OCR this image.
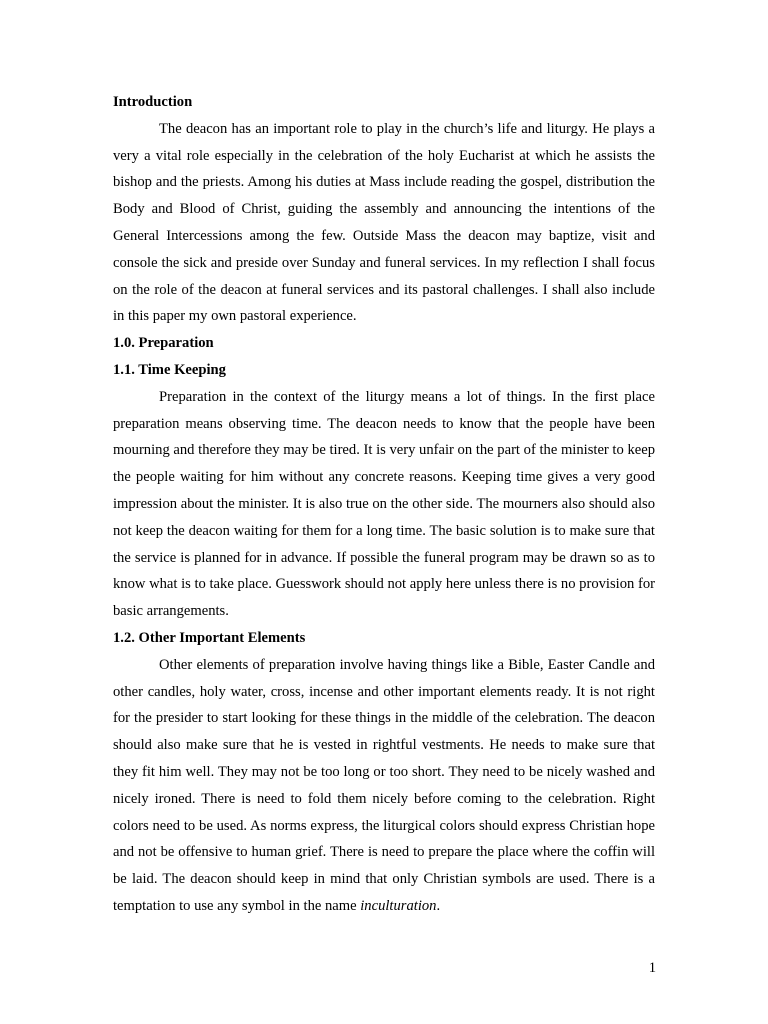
Introduction

The deacon has an important role to play in the church’s life and liturgy. He plays a very a vital role especially in the celebration of the holy Eucharist at which he assists the bishop and the priests. Among his duties at Mass include reading the gospel, distribution the Body and Blood of Christ, guiding the assembly and announcing the intentions of the General Intercessions among the few. Outside Mass the deacon may baptize, visit and console the sick and preside over Sunday and funeral services. In my reflection I shall focus on the role of the deacon at funeral services and its pastoral challenges. I shall also include in this paper my own pastoral experience.

1.0. Preparation

1.1. Time Keeping

Preparation in the context of the liturgy means a lot of things. In the first place preparation means observing time. The deacon needs to know that the people have been mourning and therefore they may be tired. It is very unfair on the part of the minister to keep the people waiting for him without any concrete reasons. Keeping time gives a very good impression about the minister. It is also true on the other side. The mourners also should also not keep the deacon waiting for them for a long time. The basic solution is to make sure that the service is planned for in advance. If possible the funeral program may be drawn so as to know what is to take place. Guesswork should not apply here unless there is no provision for basic arrangements.

1.2. Other Important Elements

Other elements of preparation involve having things like a Bible, Easter Candle and other candles, holy water, cross, incense and other important elements ready. It is not right for the presider to start looking for these things in the middle of the celebration. The deacon should also make sure that he is vested in rightful vestments. He needs to make sure that they fit him well. They may not be too long or too short. They need to be nicely washed and nicely ironed. There is need to fold them nicely before coming to the celebration. Right colors need to be used. As norms express, the liturgical colors should express Christian hope and not be offensive to human grief. There is need to prepare the place where the coffin will be laid. The deacon should keep in mind that only Christian symbols are used. There is a temptation to use any symbol in the name inculturation.

1
